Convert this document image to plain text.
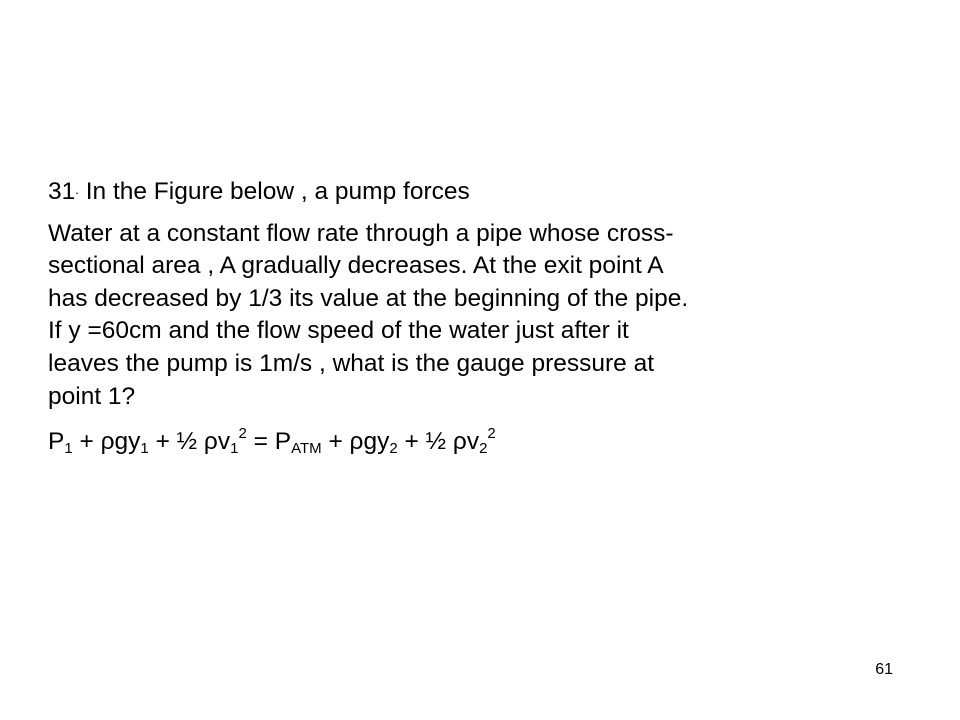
31. In the Figure below , a pump forces
Water at a constant flow rate through a pipe whose cross-
sectional area , A gradually decreases. At the exit point A
has decreased by 1/3 its value at the beginning of the pipe.
If y =60cm and the flow speed of the water just after it
leaves the pump is 1m/s , what is the gauge pressure at
point 1?
$P_1 + \rho gy_1$ + ½ $\rho v_1^2 = P_{ATM} + \rho gy_2$ + ½ $\rho v_2^2$
61
